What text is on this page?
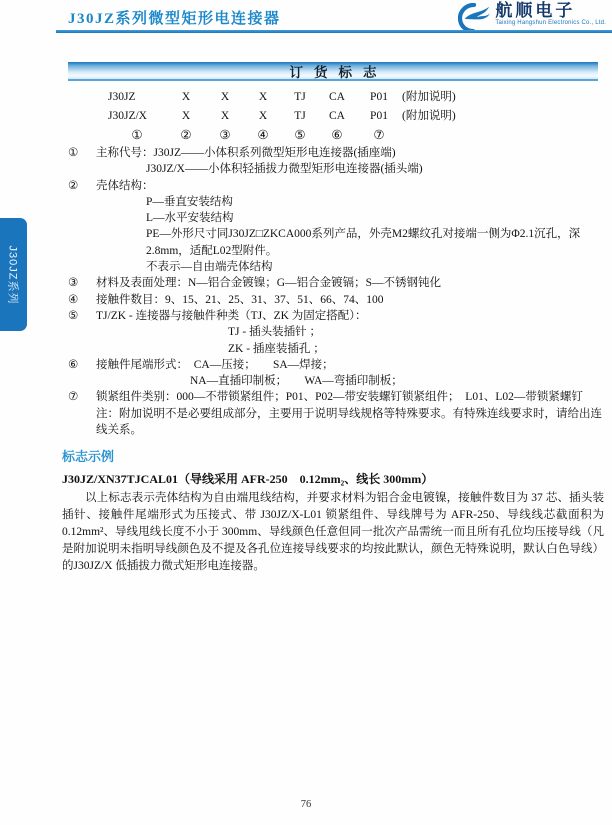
J30JZ系列微型矩形电连接器	航顺电子
Taixing Hangshun Electronics Co., Ltd.
J30JZ系列
订货标志
J30JZ	X	X	X	TJ	CA	P01	(附加说明)
J30JZ/X	X	X	X	TJ	CA	P01	(附加说明)
①	②	③	④	⑤	⑥	⑦
①	主称代号：J30JZ——小体积系列微型矩形电连接器(插座端)
J30JZ/X——小体积轻插拔力微型矩形电连接器(插头端)
②	壳体结构：
P—垂直安装结构
L—水平安装结构
PE—外形尺寸同J30JZ□ZKCA000系列产品，外壳M2螺纹孔对接端一侧为Φ2.1沉孔，深2.8mm，适配L02型附件。
不表示—自由端壳体结构
③	材料及表面处理：N—铝合金镀镍；G—铝合金镀镉；S—不锈钢钝化
④	接触件数目：9、15、21、25、31、37、51、66、74、100
⑤	TJ/ZK - 连接器与接触件种类（TJ、ZK 为固定搭配）：
TJ - 插头装插针 ；
ZK - 插座装插孔 ；
⑥	接触件尾端形式：　CA—压接；　　SA—焊接；
NA—直插印制板；　　WA—弯插印制板；
⑦	锁紧组件类别：000—不带锁紧组件；P01、P02—带安装螺钉锁紧组件；　L01、L02—带锁紧螺钉
注：附加说明不是必要组成部分，主要用于说明导线规格等特殊要求。有特殊连线要求时，请给出连线关系。
标志示例
J30JZ/XN37TJCAL01（导线采用 AFR-250　0.12mm₂、线长 300mm）

以上标志表示壳体结构为自由端甩线结构，并要求材料为铝合金电镀镍，接触件数目为 37 芯、插头装插针、接触件尾端形式为压接式、带 J30JZ/X-L01 锁紧组件、导线牌号为 AFR-250、导线线芯截面积为0.12mm²、导线甩线长度不小于 300mm、导线颜色任意但同一批次产品需统一而且所有孔位均压接导线（凡是附加说明未指明导线颜色及不提及各孔位连接导线要求的均按此默认，颜色无特殊说明，默认白色导线）的J30JZ/X 低插拔力微式矩形电连接器。

76
